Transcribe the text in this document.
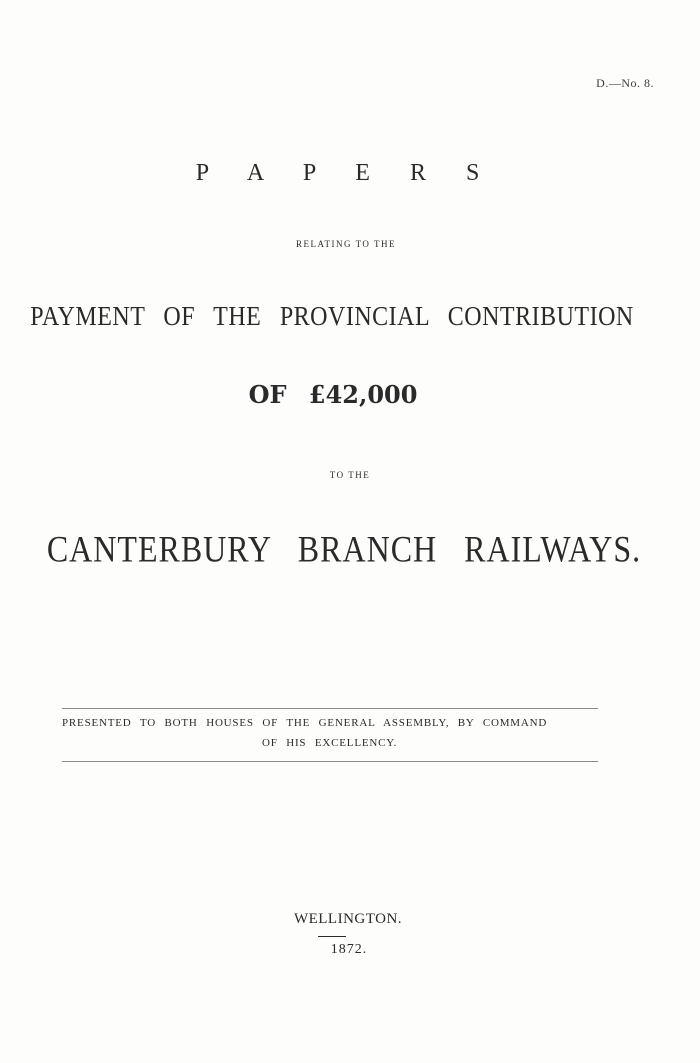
D.—No. 8.
P A P E R S
RELATING TO THE
PAYMENT OF THE PROVINCIAL CONTRIBUTION
OF £42,000
TO THE
CANTERBURY BRANCH RAILWAYS.
PRESENTED TO BOTH HOUSES OF THE GENERAL ASSEMBLY, BY COMMAND
OF HIS EXCELLENCY.
WELLINGTON.
1872.
